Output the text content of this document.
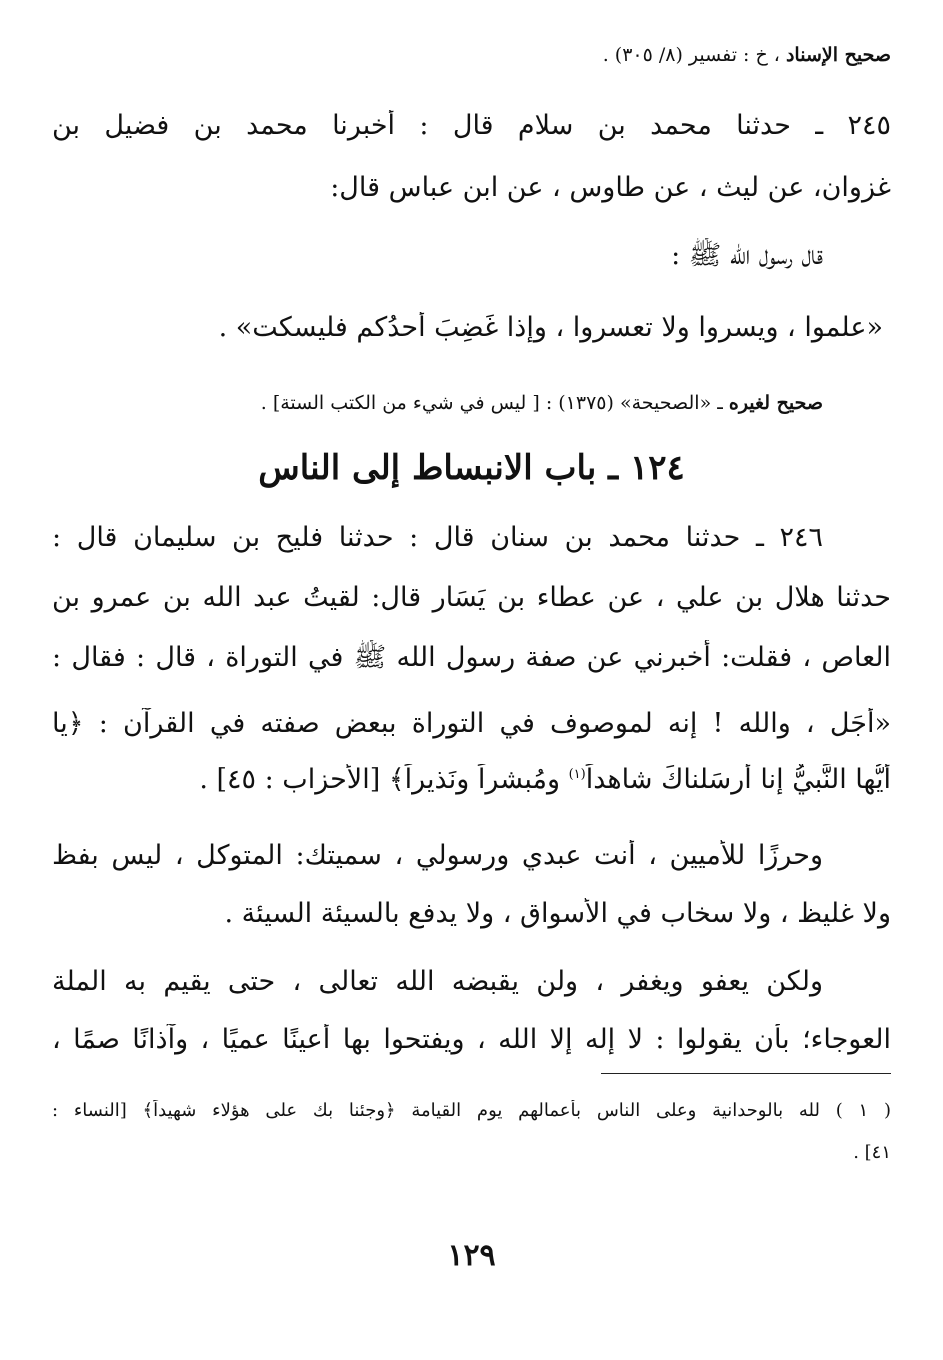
صحيح الإسناد ، خ : تفسير (٨/ ٣٠٥) .
٢٤٥ ـ حدثنا محمد بن سلام قال : أخبرنا محمد بن فضيل بن
غزوان، عن ليث ، عن طاوس ، عن ابن عباس قال:
قال رسول الله ﷺ :
«علموا ، ويسروا ولا تعسروا ، وإذا غَضِبَ أحدُكم فليسكت» .
صحيح لغيره ـ «الصحيحة» (١٣٧٥) : [ ليس في شيء من الكتب الستة] .
١٢٤ ـ باب الانبساط إلى الناس
٢٤٦ ـ حدثنا محمد بن سنان قال : حدثنا فليح بن سليمان قال :
حدثنا هلال بن علي ، عن عطاء بن يَسَار قال: لقيتُ عبد الله بن عمرو بن
العاص ، فقلت: أخبرني عن صفة رسول الله ﷺ في التوراة ، قال : فقال :
«أجَل ، والله ! إنه لموصوف في التوراة ببعض صفته في القرآن : ﴿يا
أيُّها النَّبيُّ إنا أرسَلناكَ شاهداً$^{(١)}$ ومُبشراً ونَذيراً﴾ [الأحزاب : ٤٥] .
وحرزًا للأميين ، أنت عبدي ورسولي ، سميتك: المتوكل ، ليس بفظ
ولا غليظ ، ولا سخاب في الأسواق ، ولا يدفع بالسيئة السيئة .
ولكن يعفو ويغفر ، ولن يقبضه الله تعالى ، حتى يقيم به الملة
العوجاء؛ بأن يقولوا : لا إله إلا الله ، ويفتحوا بها أعينًا عميًا ، وآذانًا صمًا ،
( ١ ) لله بالوحدانية وعلى الناس بأعمالهم يوم القيامة ﴿وجئنا بك على هؤلاء شهيداً﴾ [النساء :
٤١] .
١٢٩
